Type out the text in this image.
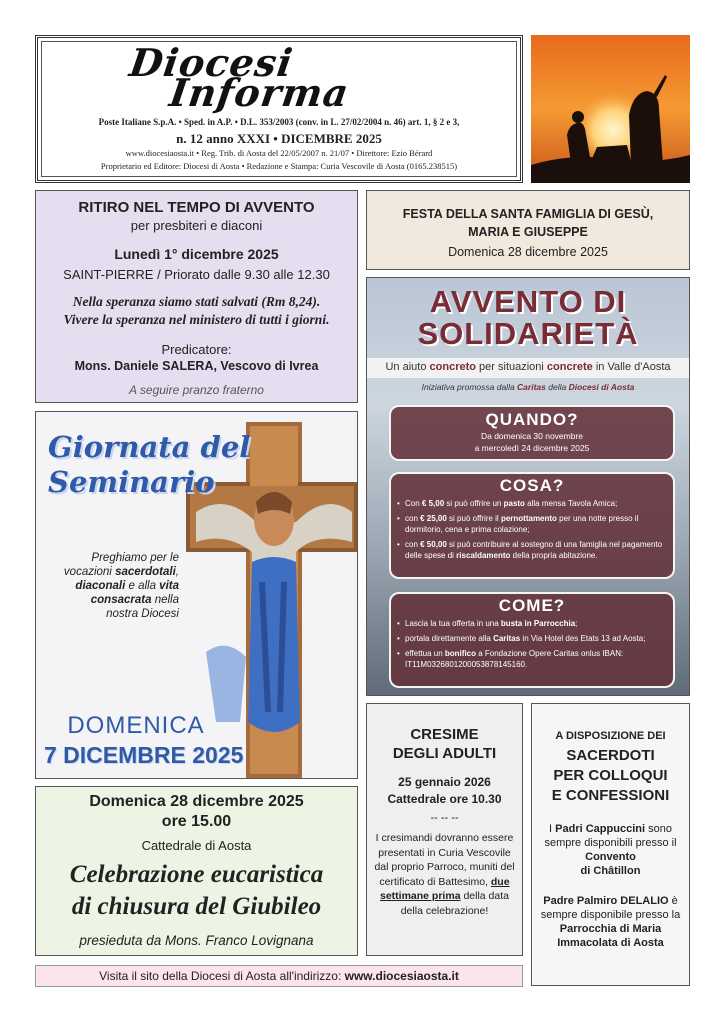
Diocesi
Informa
Poste Italiane S.p.A. • Sped. in A.P. • D.L. 353/2003 (conv. in L. 27/02/2004 n. 46) art. 1, § 2 e 3,
n. 12 anno XXXI • DICEMBRE 2025
www.diocesiaosta.it • Reg. Trib. di Aosta del 22/05/2007 n. 21/07 • Direttore: Ezio Bérard
Proprietario ed Editore: Diocesi di Aosta • Redazione e Stampa: Curia Vescovile di Aosta (0165.238515)
RITIRO NEL TEMPO DI AVVENTO
per presbiteri e diaconi
Lunedì 1° dicembre 2025
SAINT-PIERRE / Priorato dalle 9.30 alle 12.30
Nella speranza siamo stati salvati (Rm 8,24).
Vivere la speranza nel ministero di tutti i giorni.
Predicatore:
Mons. Daniele SALERA, Vescovo di Ivrea
A seguire pranzo fraterno
FESTA DELLA SANTA FAMIGLIA DI GESÙ,
MARIA E GIUSEPPE
Domenica 28 dicembre 2025
AVVENTO DI
SOLIDARIETÀ
Un aiuto concreto per situazioni concrete in Valle d'Aosta
Iniziativa promossa dalla Caritas della Diocesi di Aosta
QUANDO?
Da domenica 30 novembre
a mercoledì 24 dicembre 2025
COSA?
• Con € 5,00 si può offrire un pasto alla mensa Tavola Amica;
• con € 25,00 si può offrire il pernottamento per una notte presso il dormitorio, cena e prima colazione;
• con € 50,00 si può contribuire al sostegno di una famiglia nel pagamento delle spese di riscaldamento della propria abitazione.
COME?
• Lascia la tua offerta in una busta in Parrocchia;
• portala direttamente alla Caritas in Via Hotel des Etats 13 ad Aosta;
• effettua un bonifico a Fondazione Opere Caritas onlus IBAN: IT11M0326801200053878145160.
Giornata del
Seminario
Preghiamo per le
vocazioni sacerdotali,
diaconali e alla vita
consacrata nella
nostra Diocesi
DOMENICA
7 DICEMBRE 2025
Domenica 28 dicembre 2025
ore 15.00
Cattedrale di Aosta
Celebrazione eucaristica
di chiusura del Giubileo
presieduta da Mons. Franco Lovignana
CRESIME
DEGLI ADULTI
25 gennaio 2026
Cattedrale ore 10.30
-- -- --
I cresimandi dovranno essere presentati in Curia Vescovile dal proprio Parroco, muniti del certificato di Battesimo, due settimane prima della data della celebrazione!
A DISPOSIZIONE DEI
SACERDOTI
PER COLLOQUI
E CONFESSIONI
I Padri Cappuccini sono sempre disponibili presso il Convento
di Châtillon
Padre Palmiro DELALIO è sempre disponibile presso la Parrocchia di Maria Immacolata di Aosta
Visita il sito della Diocesi di Aosta all'indirizzo: www.diocesiaosta.it
